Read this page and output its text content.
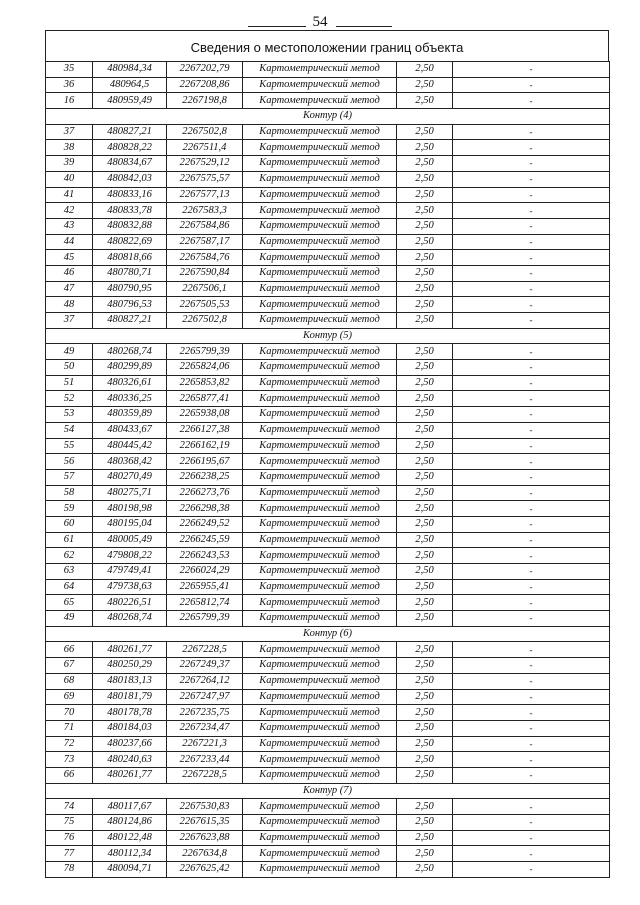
54
Сведения о местоположении границ объекта
35	480984,34	2267202,79	Картометрический метод	2,50	-
36	480964,5	2267208,86	Картометрический метод	2,50	-
16	480959,49	2267198,8	Картометрический метод	2,50	-
Контур (4)					
37	480827,21	2267502,8	Картометрический метод	2,50	-
38	480828,22	2267511,4	Картометрический метод	2,50	-
39	480834,67	2267529,12	Картометрический метод	2,50	-
40	480842,03	2267575,57	Картометрический метод	2,50	-
41	480833,16	2267577,13	Картометрический метод	2,50	-
42	480833,78	2267583,3	Картометрический метод	2,50	-
43	480832,88	2267584,86	Картометрический метод	2,50	-
44	480822,69	2267587,17	Картометрический метод	2,50	-
45	480818,66	2267584,76	Картометрический метод	2,50	-
46	480780,71	2267590,84	Картометрический метод	2,50	-
47	480790,95	2267506,1	Картометрический метод	2,50	-
48	480796,53	2267505,53	Картометрический метод	2,50	-
37	480827,21	2267502,8	Картометрический метод	2,50	-
Контур (5)					
49	480268,74	2265799,39	Картометрический метод	2,50	-
50	480299,89	2265824,06	Картометрический метод	2,50	-
51	480326,61	2265853,82	Картометрический метод	2,50	-
52	480336,25	2265877,41	Картометрический метод	2,50	-
53	480359,89	2265938,08	Картометрический метод	2,50	-
54	480433,67	2266127,38	Картометрический метод	2,50	-
55	480445,42	2266162,19	Картометрический метод	2,50	-
56	480368,42	2266195,67	Картометрический метод	2,50	-
57	480270,49	2266238,25	Картометрический метод	2,50	-
58	480275,71	2266273,76	Картометрический метод	2,50	-
59	480198,98	2266298,38	Картометрический метод	2,50	-
60	480195,04	2266249,52	Картометрический метод	2,50	-
61	480005,49	2266245,59	Картометрический метод	2,50	-
62	479808,22	2266243,53	Картометрический метод	2,50	-
63	479749,41	2266024,29	Картометрический метод	2,50	-
64	479738,63	2265955,41	Картометрический метод	2,50	-
65	480226,51	2265812,74	Картометрический метод	2,50	-
49	480268,74	2265799,39	Картометрический метод	2,50	-
Контур (6)					
66	480261,77	2267228,5	Картометрический метод	2,50	-
67	480250,29	2267249,37	Картометрический метод	2,50	-
68	480183,13	2267264,12	Картометрический метод	2,50	-
69	480181,79	2267247,97	Картометрический метод	2,50	-
70	480178,78	2267235,75	Картометрический метод	2,50	-
71	480184,03	2267234,47	Картометрический метод	2,50	-
72	480237,66	2267221,3	Картометрический метод	2,50	-
73	480240,63	2267233,44	Картометрический метод	2,50	-
66	480261,77	2267228,5	Картометрический метод	2,50	-
Контур (7)					
74	480117,67	2267530,83	Картометрический метод	2,50	-
75	480124,86	2267615,35	Картометрический метод	2,50	-
76	480122,48	2267623,88	Картометрический метод	2,50	-
77	480112,34	2267634,8	Картометрический метод	2,50	-
78	480094,71	2267625,42	Картометрический метод	2,50	-
